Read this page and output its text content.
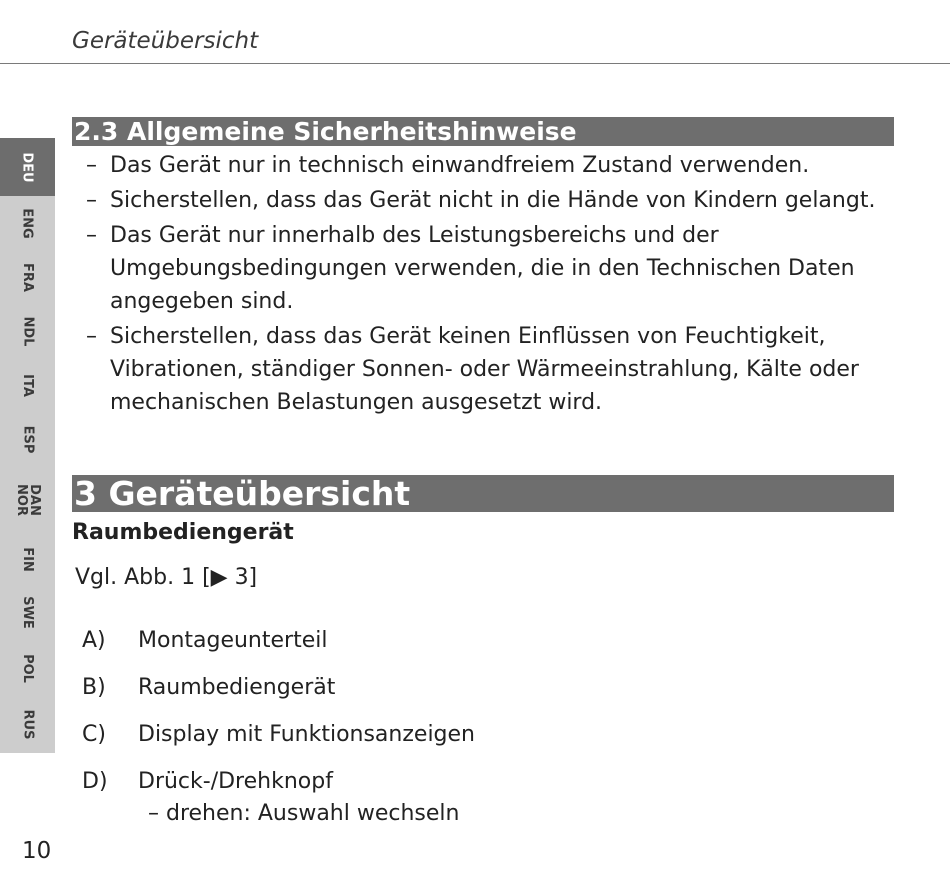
Geräteübersicht
DEU
ENG
FRA
NDL
ITA
ESP
DAN NOR
FIN
SWE
POL
RUS
2.3 Allgemeine Sicherheitshinweise
– Das Gerät nur in technisch einwandfreiem Zustand verwenden.
– Sicherstellen, dass das Gerät nicht in die Hände von Kindern gelangt.
– Das Gerät nur innerhalb des Leistungsbereichs und der Umgebungsbedingungen verwenden, die in den Technischen Daten angegeben sind.
– Sicherstellen, dass das Gerät keinen Einflüssen von Feuchtigkeit, Vibrationen, ständiger Sonnen- oder Wärmeeinstrahlung, Kälte oder mechanischen Belastungen ausgesetzt wird.
3 Geräteübersicht
Raumbediengerät
Vgl. Abb. 1 [▶ 3]
A) Montageunterteil
B) Raumbediengerät
C) Display mit Funktionsanzeigen
D) Drück-/Drehknopf
– drehen: Auswahl wechseln
10
